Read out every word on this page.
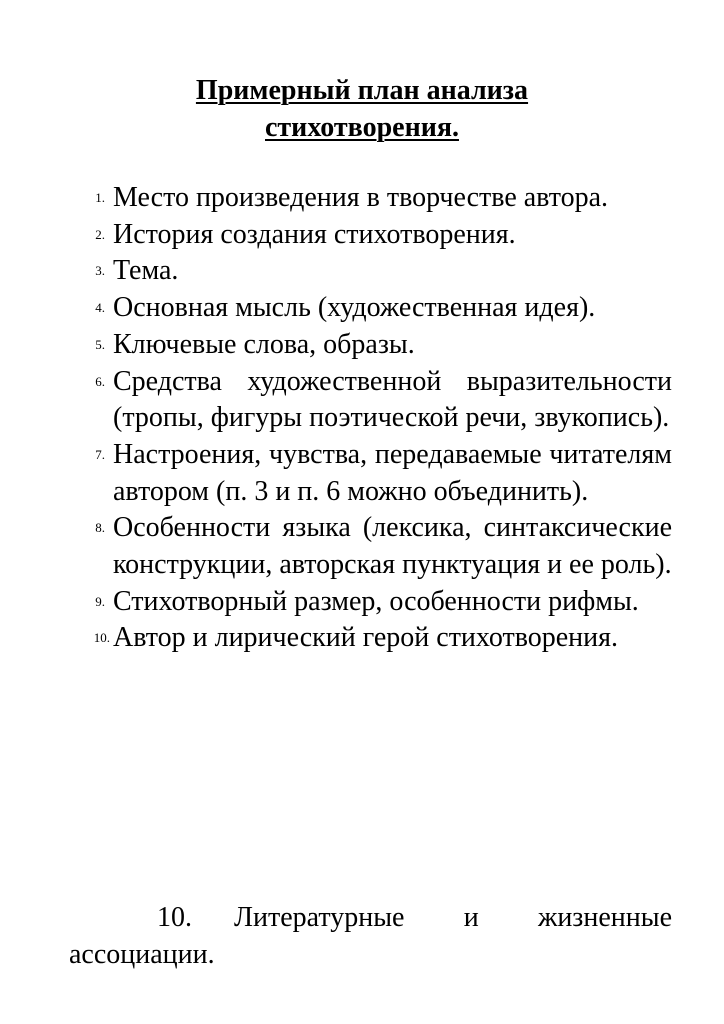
Примерный план анализа
стихотворения.
1. Место произведения в творчестве автора.
2. История создания стихотворения.
3. Тема.
4. Основная мысль (художественная идея).
5. Ключевые слова, образы.
6. Средства художественной выразительности (тропы, фигуры поэтической речи, звукопись).
7. Настроения, чувства, передаваемые читателям автором (п. 3 и п. 6 можно объединить).
8. Особенности языка (лексика, синтаксические конструкции, авторская пунктуация и ее роль).
9. Стихотворный размер, особенности рифмы.
10. Автор и лирический герой стихотворения.

10.  Литературные и жизненные ассоциации.
